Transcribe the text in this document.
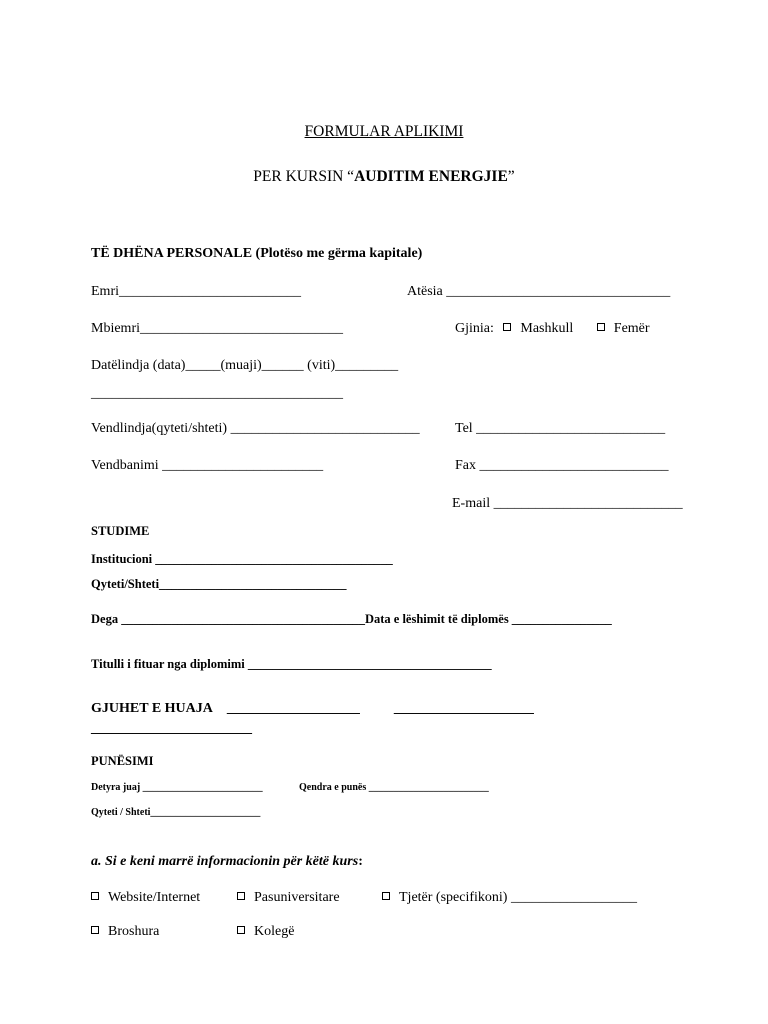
FORMULAR APLIKIMI
PER KURSIN “AUDITIM ENERGJIE”
TË DHËNA PERSONALE (Plotëso me gërma kapitale)
Emri__________________________	Atësia ________________________________
Mbiemri_____________________________	Gjinia: Mashkull	Femër
Datëlindja (data)_____(muaji)______ (viti)_________
____________________________________
Vendlindja(qyteti/shteti) ___________________________	Tel ___________________________
Vendbanimi _______________________	Fax ___________________________
E-mail ___________________________
STUDIME
Institucioni ______________________________________
Qyteti/Shteti______________________________
Dega _______________________________________Data e lëshimit të diplomës ________________
Titulli i fituar nga diplomimi _______________________________________
GJUHET E HUAJA ___________________ ____________________
_______________________
PUNËSIMI
Detyra juaj ________________________	Qendra e punës ________________________
Qyteti / Shteti______________________
a. Si e keni marrë informacionin për këtë kurs:
Website/Internet	Pasuniversitare	Tjetër (specifikoni) __________________
Broshura	Kolegë
